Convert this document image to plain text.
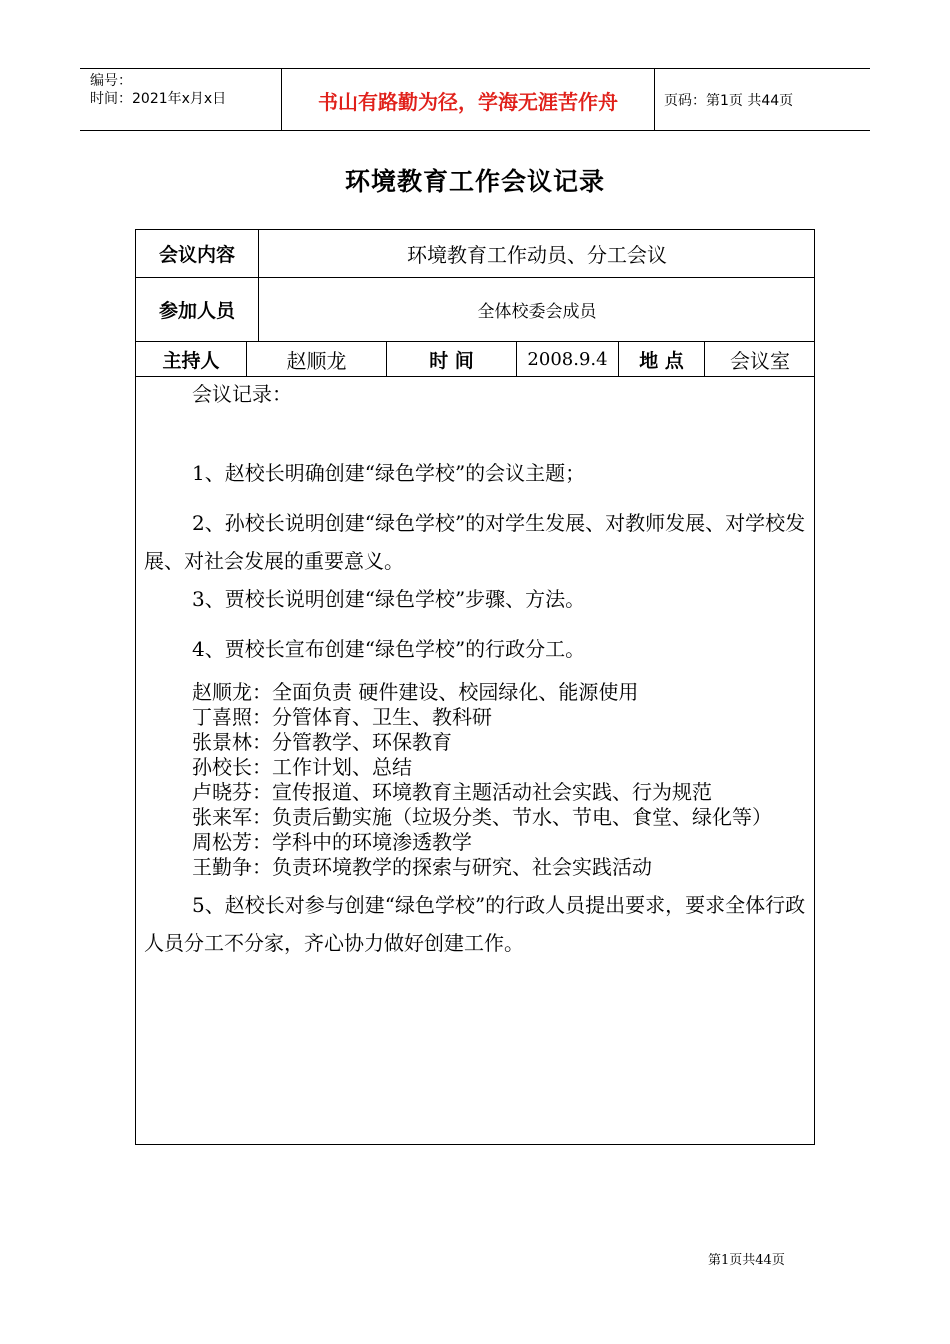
编号：
时间：2021年x月x日	书山有路勤为径，学海无涯苦作舟	页码：第1页 共44页
环境教育工作会议记录
会议内容	环境教育工作动员、分工会议
参加人员	全体校委会成员
主持人	赵顺龙	时 间	2008.9.4	地 点	会议室

会议记录：

1、赵校长明确创建“绿色学校”的会议主题；

2、孙校长说明创建“绿色学校”的对学生发展、对教师发展、对学校发展、对社会发展的重要意义。

3、贾校长说明创建“绿色学校”步骤、方法。

4、贾校长宣布创建“绿色学校”的行政分工。

赵顺龙：全面负责 硬件建设、校园绿化、能源使用

丁喜照：分管体育、卫生、教科研

张景林：分管教学、环保教育

孙校长：工作计划、总结

卢晓芬：宣传报道、环境教育主题活动社会实践、行为规范

张来军：负责后勤实施（垃圾分类、节水、节电、食堂、绿化等）

周松芳：学科中的环境渗透教学

王勤争：负责环境教学的探索与研究、社会实践活动

5、赵校长对参与创建“绿色学校”的行政人员提出要求，要求全体行政人员分工不分家，齐心协力做好创建工作。

第1页共44页
